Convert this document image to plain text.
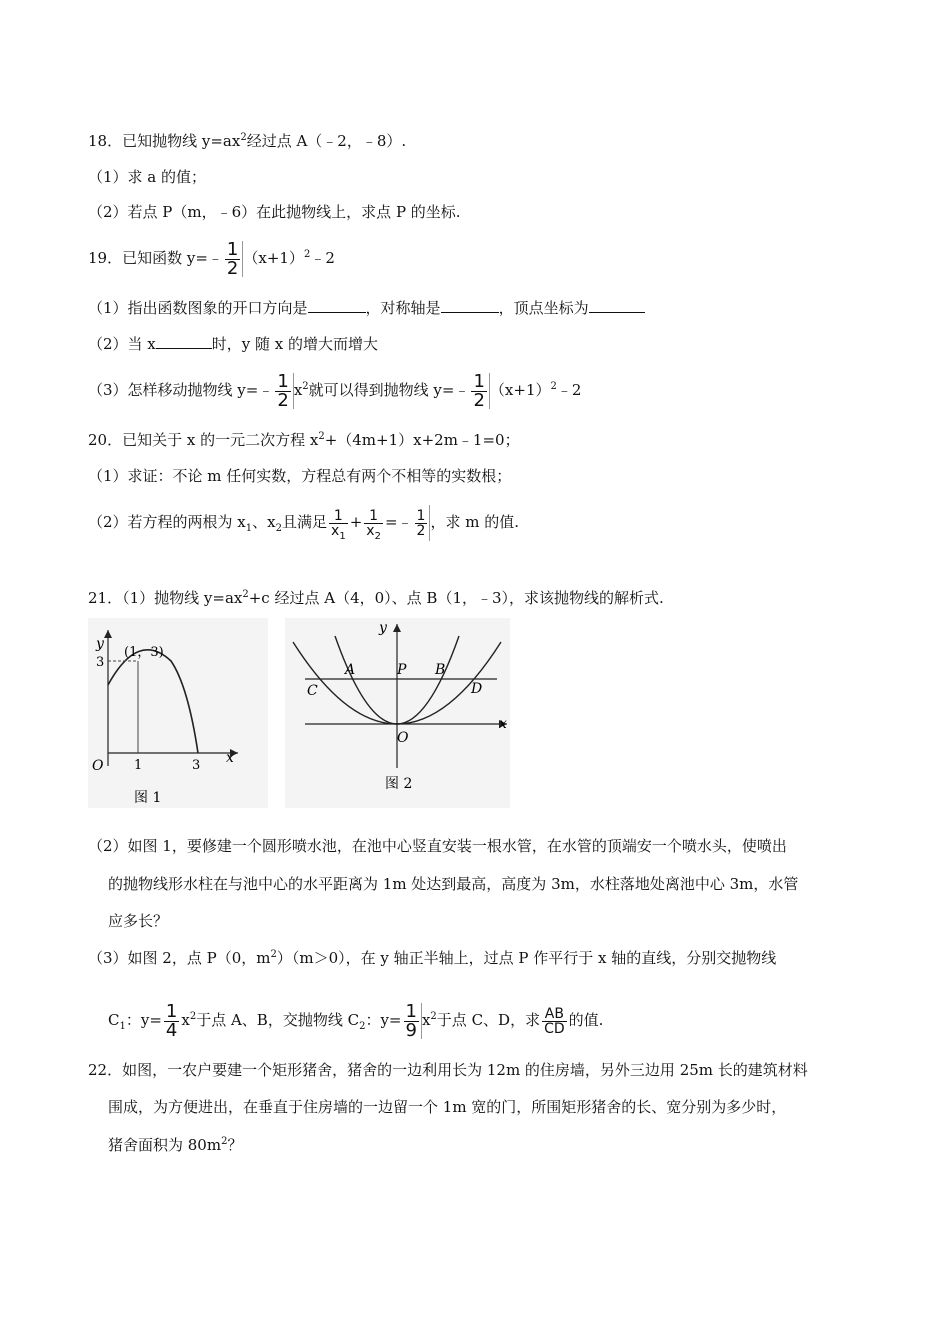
18．已知抛物线 $y=ax^2$经过点 A（﹣2，﹣8）.
（1）求 a 的值；
（2）若点 P（m，﹣6）在此抛物线上，求点 P 的坐标.
19．已知函数 y=﹣ $\frac{1}{2}$ $(x+1)^2﹣2$
（1）指出函数图象的开口方向是	，对称轴是	，顶点坐标为
（2）当 x	时，y 随 x 的增大而增大
（3）怎样移动抛物线 y=﹣ $\frac{1}{2} x^2$就可以得到抛物线 y=﹣ $\frac{1}{2}$ $(x+1)^2﹣2$
20．已知关于 x 的一元二次方程 $x^2+(4m+1)x+2m﹣1=0$；
（1）求证：不论 m 任何实数，方程总有两个不相等的实数根；
（2）若方程的两根为 $x_1$、$x_2$且满足 $\frac{1}{x_1} + \frac{1}{x_2}$ =﹣ $\frac{1}{2}$ ，求 m 的值.
21．（1）抛物线 $y=ax^2+c$ 经过点 A（4，0）、点 B（1，﹣3），求该抛物线的解析式.
y
3
(1，3)
O 1	3 x
图 1
y
x
O
A	P B
C	D
图 2
（2）如图 1，要修建一个圆形喷水池，在池中心竖直安装一根水管，在水管的顶端安一个喷水头，使喷出
的抛物线形水柱在与池中心的水平距离为 1m 处达到最高，高度为 3m，水柱落地处离池中心 3m，水管
应多长？
（3）如图 2，点 P（0，$m^2)(m>0)$，在 y 轴正半轴上，过点 P 作平行于 x 轴的直线，分别交抛物线
$C_1$：$y= \frac{1}{4} x^2$于点 A、B，交抛物线 $C_2$：$y= \frac{1}{9} x^2$于点 C、D，求 $\frac{AB}{CD}$ 的值.
22．如图，一农户要建一个矩形猪舍，猪舍的一边利用长为 12m 的住房墙，另外三边用 25m 长的建筑材料
围成，为方便进出，在垂直于住房墙的一边留一个 1m 宽的门，所围矩形猪舍的长、宽分别为多少时，
猪舍面积为 $80m^2$？
